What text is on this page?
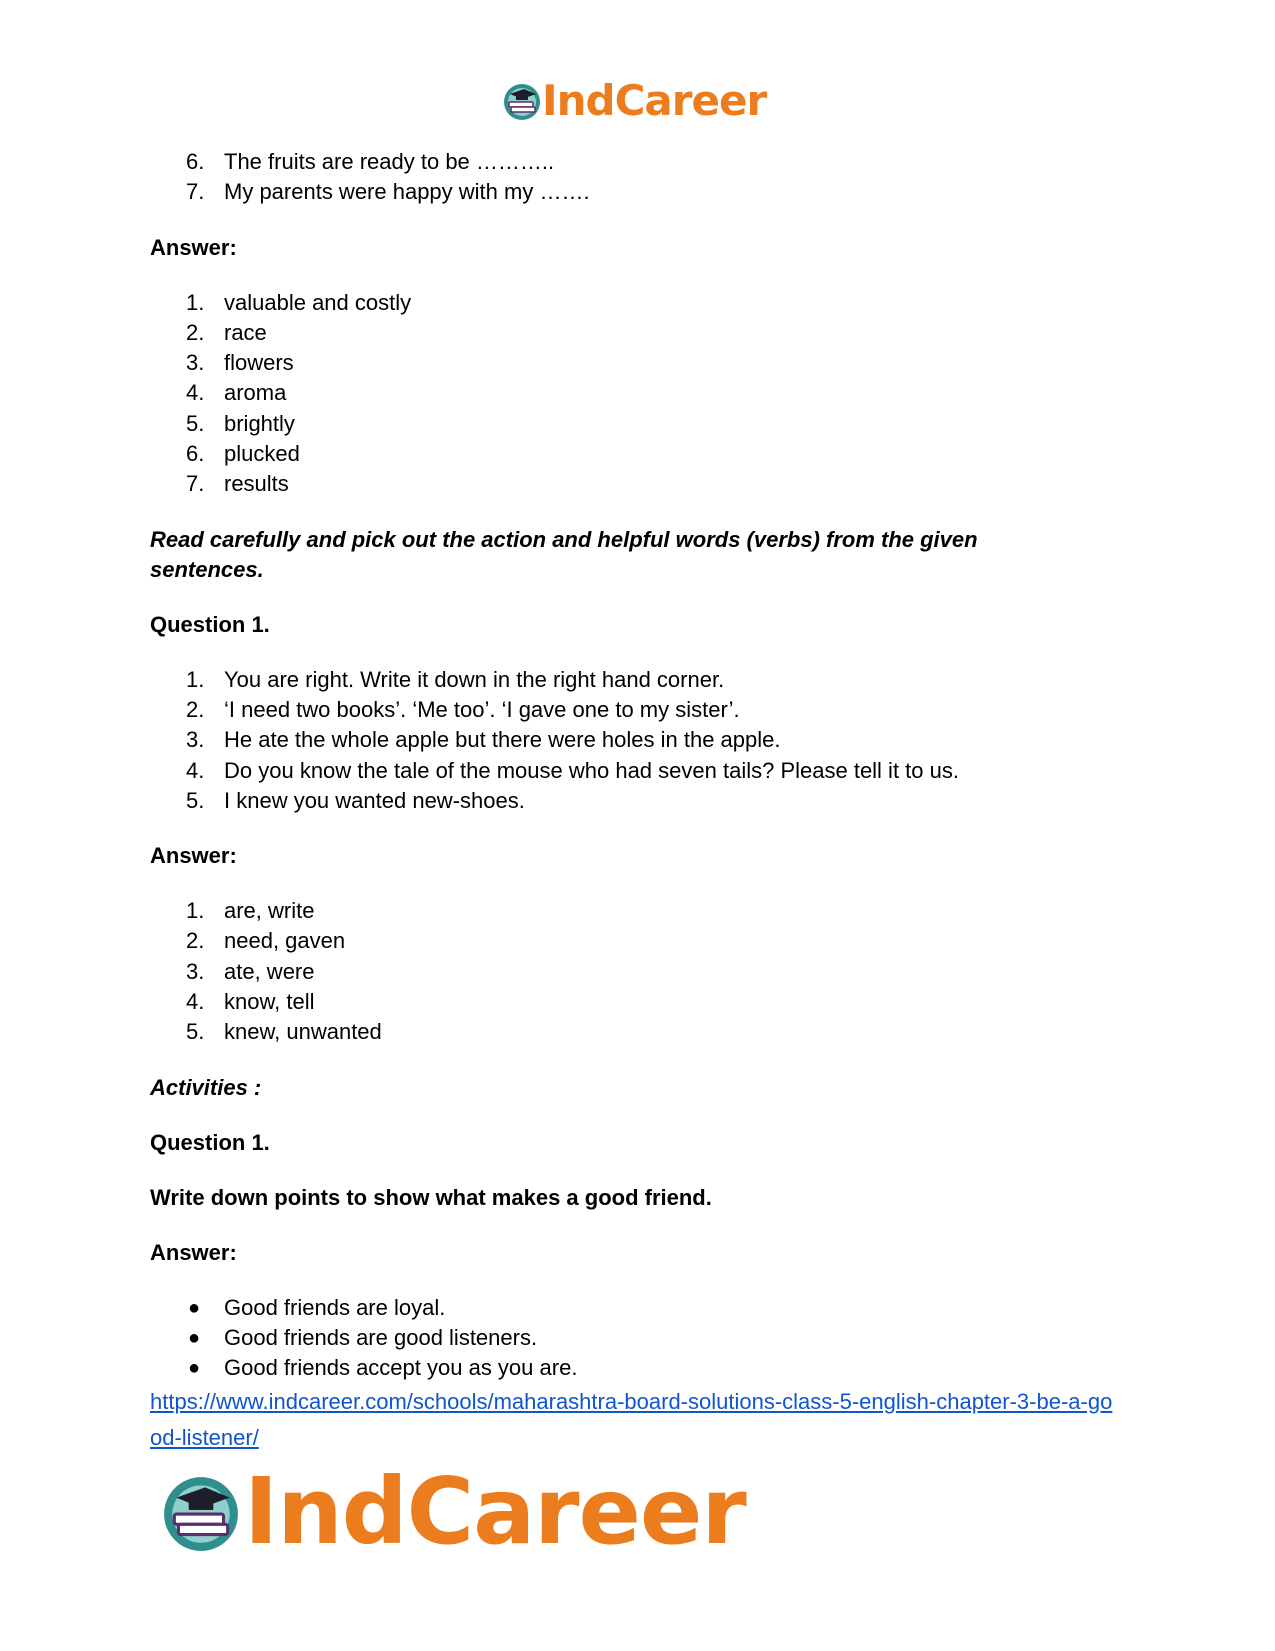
IndCareer
6. The fruits are ready to be ………..
7. My parents were happy with my …….
Answer:
1. valuable and costly
2. race
3. flowers
4. aroma
5. brightly
6. plucked
7. results
Read carefully and pick out the action and helpful words (verbs) from the given sentences.
Question 1.
1. You are right. Write it down in the right hand corner.
2. ‘I need two books’. ‘Me too’. ‘I gave one to my sister’.
3. He ate the whole apple but there were holes in the apple.
4. Do you know the tale of the mouse who had seven tails? Please tell it to us.
5. I knew you wanted new-shoes.
Answer:
1. are, write
2. need, gaven
3. ate, were
4. know, tell
5. knew, unwanted
Activities :
Question 1.
Write down points to show what makes a good friend.
Answer:
● Good friends are loyal.
● Good friends are good listeners.
● Good friends accept you as you are.
https://www.indcareer.com/schools/maharashtra-board-solutions-class-5-english-chapter-3-be-a-good-listener/
IndCareer
